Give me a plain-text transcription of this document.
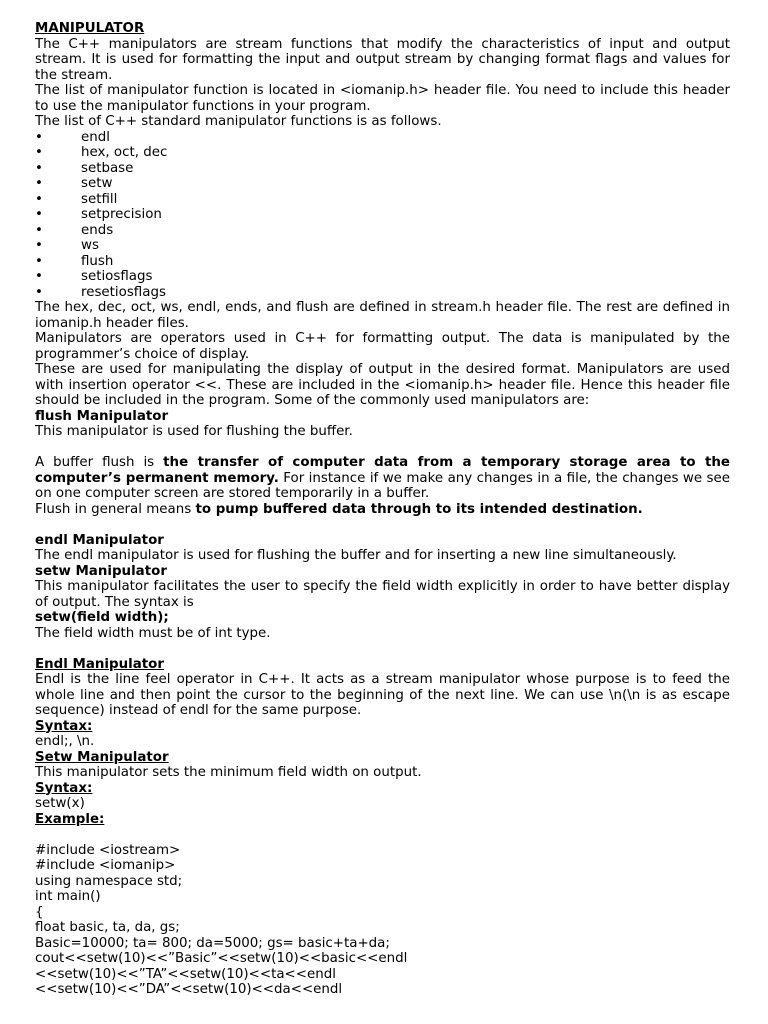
MANIPULATOR

The C++ manipulators are stream functions that modify the characteristics of input and output stream. It is used for formatting the input and output stream by changing format flags and values for the stream.

The list of manipulator function is located in <iomanip.h> header file. You need to include this header to use the manipulator functions in your program.

The list of C++ standard manipulator functions is as follows.

•	endl
•	hex, oct, dec
•	setbase
•	setw
•	setfill
•	setprecision
•	ends
•	ws
•	flush
•	setiosflags
•	resetiosflags

The hex, dec, oct, ws, endl, ends, and flush are defined in stream.h header file. The rest are defined in iomanip.h header files.

Manipulators are operators used in C++ for formatting output. The data is manipulated by the programmer’s choice of display.

These are used for manipulating the display of output in the desired format. Manipulators are used with insertion operator <<. These are included in the <iomanip.h> header file. Hence this header file should be included in the program. Some of the commonly used manipulators are:

flush Manipulator

This manipulator is used for flushing the buffer.

A buffer flush is the transfer of computer data from a temporary storage area to the computer’s permanent memory. For instance if we make any changes in a file, the changes we see on one computer screen are stored temporarily in a buffer.

Flush in general means to pump buffered data through to its intended destination.

endl Manipulator

The endl manipulator is used for flushing the buffer and for inserting a new line simultaneously.

setw Manipulator

This manipulator facilitates the user to specify the field width explicitly in order to have better display of output. The syntax is

setw(field width);

The field width must be of int type.

Endl Manipulator

Endl is the line feel operator in C++. It acts as a stream manipulator whose purpose is to feed the whole line and then point the cursor to the beginning of the next line. We can use \n(\n is as escape sequence) instead of endl for the same purpose.

Syntax:

endl;, \n.

Setw Manipulator

This manipulator sets the minimum field width on output.

Syntax:

setw(x)

Example:

#include <iostream>

#include <iomanip>

using namespace std;

int main()

{

float basic, ta, da, gs;

Basic=10000; ta= 800; da=5000; gs= basic+ta+da;

cout<<setw(10)<<”Basic”<<setw(10)<<basic<<endl

<<setw(10)<<”TA”<<setw(10)<<ta<<endl

<<setw(10)<<”DA”<<setw(10)<<da<<endl
